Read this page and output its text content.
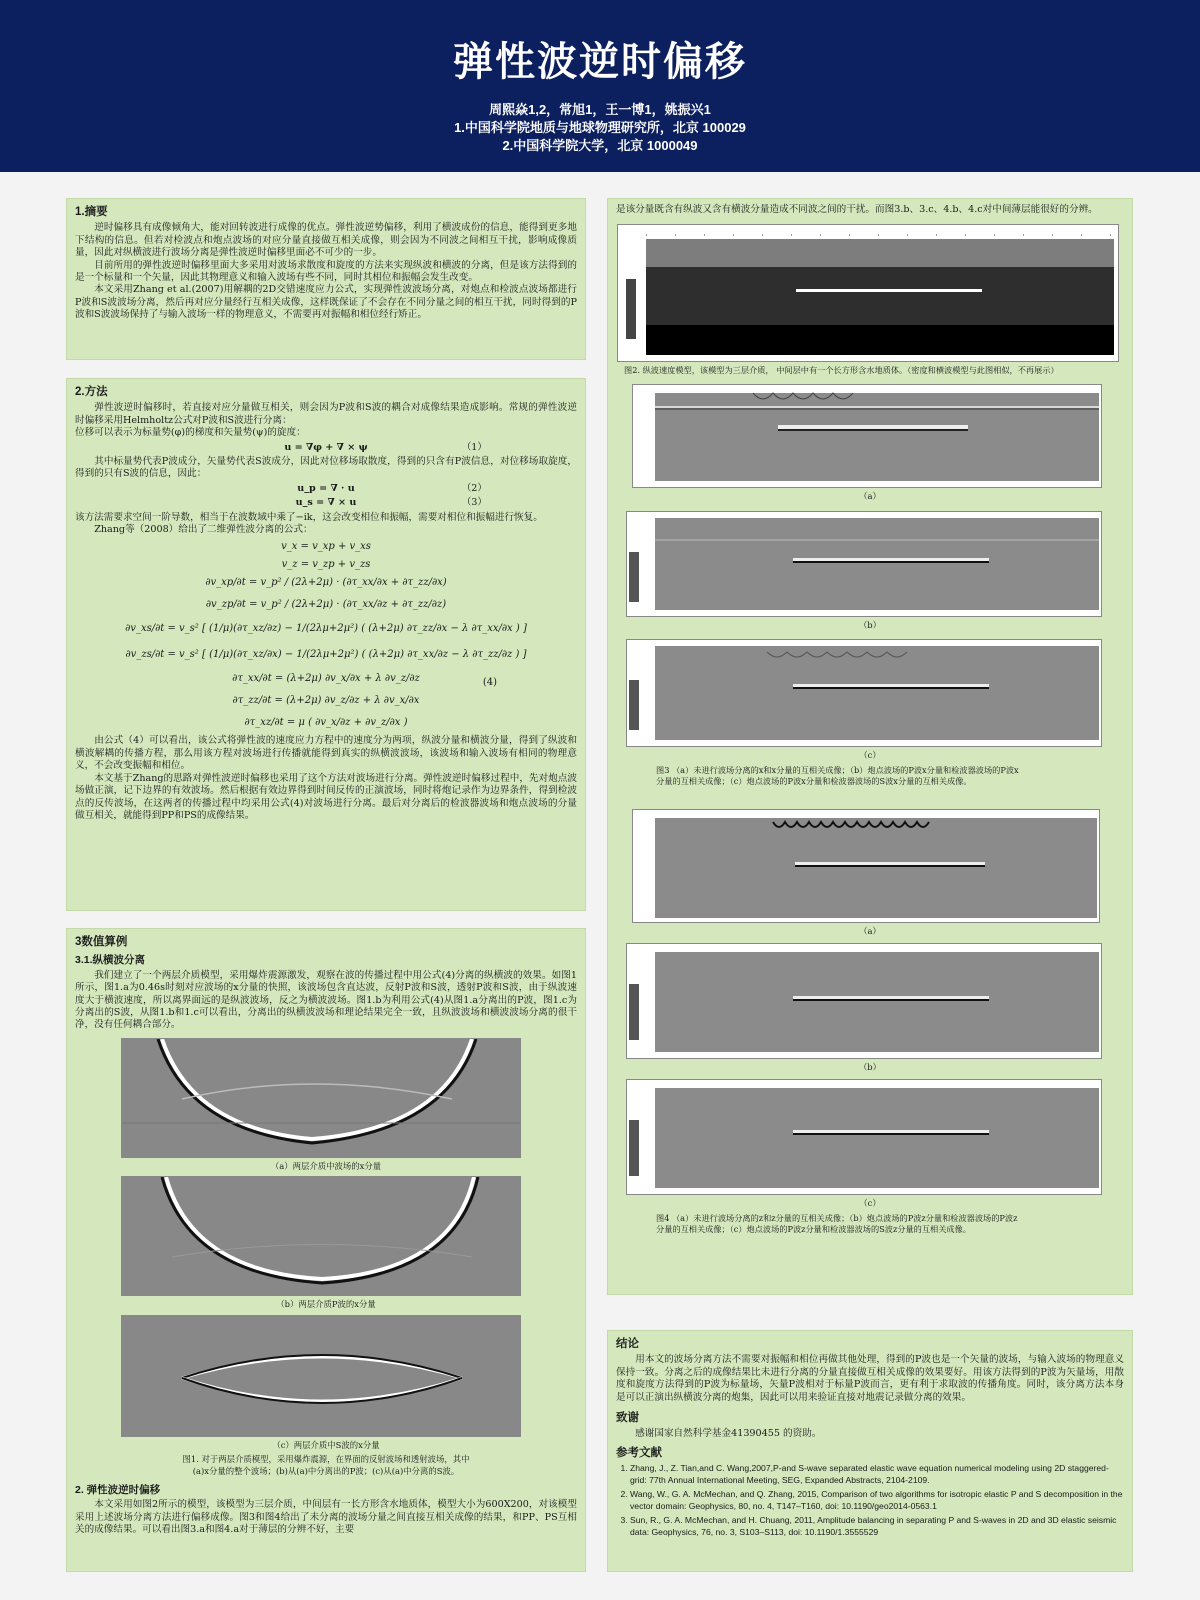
弹性波逆时偏移
周熙焱1,2，常旭1，王一博1，姚振兴1
1.中国科学院地质与地球物理研究所，北京 100029
2.中国科学院大学，北京 1000049
1.摘要

逆时偏移具有成像倾角大，能对回转波进行成像的优点。弹性波逆势偏移，利用了横波成份的信息，能得到更多地下结构的信息。但若对检波点和炮点波场的对应分量直接做互相关成像，则会因为不同波之间相互干扰，影响成像质量，因此对纵横波进行波场分离是弹性波逆时偏移里面必不可少的一步。

目前所用的弹性波逆时偏移里面大多采用对波场求散度和旋度的方法来实现纵波和横波的分离，但是该方法得到的是一个标量和一个矢量，因此其物理意义和输入波场有些不同，同时其相位和振幅会发生改变。

本文采用Zhang et al.(2007)用解耦的2D交错速度应力公式，实现弹性波波场分离，对炮点和检波点波场都进行P波和S波波场分离，然后再对应分量经行互相关成像，这样既保证了不会存在不同分量之间的相互干扰，同时得到的P波和S波波场保持了与输入波场一样的物理意义，不需要再对振幅和相位经行矫正。

2.方法

弹性波逆时偏移时，若直接对应分量做互相关，则会因为P波和S波的耦合对成像结果造成影响。常规的弹性波逆时偏移采用Helmholtz公式对P波和S波进行分离：

位移可以表示为标量势(φ)的梯度和矢量势(ψ)的旋度：

u = ∇φ + ∇ × ψ	（1）

其中标量势代表P波成分，矢量势代表S波成分，因此对位移场取散度，得到的只含有P波信息，对位移场取旋度，得到的只有S波的信息，因此：

u_p = ∇ · u	（2）
u_s = ∇ × u	（3）

该方法需要求空间一阶导数，相当于在波数域中乘了−ik，这会改变相位和振幅，需要对相位和振幅进行恢复。

Zhang等（2008）给出了二维弹性波分离的公式：

v_x = v_xp + v_xs
v_z = v_zp + v_zs
∂v_xp/∂t = v_p² / (2λ+2μ) · (∂τ_xx/∂x + ∂τ_zz/∂x)
∂v_zp/∂t = v_p² / (2λ+2μ) · (∂τ_xx/∂z + ∂τ_zz/∂z)
∂v_xs/∂t = v_s² [ (1/μ)(∂τ_xz/∂z) − 1/(2λμ+2μ²) ( (λ+2μ) ∂τ_zz/∂x − λ ∂τ_xx/∂x ) ]
∂v_zs/∂t = v_s² [ (1/μ)(∂τ_xz/∂x) − 1/(2λμ+2μ²) ( (λ+2μ) ∂τ_xx/∂z − λ ∂τ_zz/∂z ) ]
∂τ_xx/∂t = (λ+2μ) ∂v_x/∂x + λ ∂v_z/∂z
∂τ_zz/∂t = (λ+2μ) ∂v_z/∂z + λ ∂v_x/∂x
∂τ_xz/∂t = μ ( ∂v_x/∂z + ∂v_z/∂x )
(4)

由公式（4）可以看出，该公式将弹性波的速度应力方程中的速度分为两项，纵波分量和横波分量，得到了纵波和横波解耦的传播方程，那么用该方程对波场进行传播就能得到真实的纵横波波场，该波场和输入波场有相同的物理意义，不会改变振幅和相位。

本文基于Zhang的思路对弹性波逆时偏移也采用了这个方法对波场进行分离。弹性波逆时偏移过程中，先对炮点波场做正演，记下边界的有效波场。然后根据有效边界得到时间反传的正演波场，同时将炮记录作为边界条件，得到检波点的反传波场，在这两者的传播过程中均采用公式(4)对波场进行分离。最后对分离后的检波器波场和炮点波场的分量做互相关，就能得到PP和PS的成像结果。

3数值算例
3.1.纵横波分离

我们建立了一个两层介质模型，采用爆炸震源激发，观察在波的传播过程中用公式(4)分离的纵横波的效果。如图1所示，图1.a为0.46s时刻对应波场的x分量的快照，该波场包含直达波，反射P波和S波，透射P波和S波，由于纵波速度大于横波速度，所以离界面远的是纵波波场，反之为横波波场。图1.b为利用公式(4)从图1.a分离出的P波，图1.c为分离出的S波，从图1.b和1.c可以看出，分离出的纵横波波场和理论结果完全一致，且纵波波场和横波波场分离的很干净，没有任何耦合部分。

（a）两层介质中波场的x分量
（b）两层介质P波的x分量
（c）两层介质中S波的x分量
图1. 对于两层介质模型，采用爆炸震源，在界面的反射波场和透射波场，其中
(a)x分量的整个波场；(b)从(a)中分离出的P波；(c)从(a)中分离的S波。
2. 弹性波逆时偏移

本文采用如图2所示的模型，该模型为三层介质，中间层有一长方形含水地质体，模型大小为600X200，对该模型采用上述波场分离方法进行偏移成像。图3和图4给出了未分离的波场分量之间直接互相关成像的结果，和PP、PS互相关的成像结果。可以看出图3.a和图4.a对于薄层的分辨不好，主要

是该分量既含有纵波又含有横波分量造成不同波之间的干扰。而图3.b、3.c、4.b、4.c对中间薄层能很好的分辨。

图2. 纵波速度模型，该模型为三层介质， 中间层中有一个长方形含水地质体。（密度和横波模型与此图相似，不再展示）
（a）
（b）
（c）
图3 （a）未进行波场分离的x和x分量的互相关成像；（b）炮点波场的P波x分量和检波器波场的P波x
分量的互相关成像；（c）炮点波场的P波x分量和检波器波场的S波x分量的互相关成像。
（a）
（b）
（c）
图4 （a）未进行波场分离的z和z分量的互相关成像；（b）炮点波场的P波z分量和检波器波场的P波z
分量的互相关成像；（c）炮点波场的P波z分量和检波器波场的S波z分量的互相关成像。
结论

用本文的波场分离方法不需要对振幅和相位再做其他处理，得到的P波也是一个矢量的波场，与输入波场的物理意义保持一致。分离之后的成像结果比未进行分离的分量直接做互相关成像的效果要好。用该方法得到的P波为矢量场，用散度和旋度方法得到的P波为标量场，矢量P波相对于标量P波而言，更有利于求取波的传播角度。同时，该分离方法本身是可以正演出纵横波分离的炮集，因此可以用来验证直接对地震记录做分离的效果。

致谢

感谢国家自然科学基金41390455 的资助。

参考文献
1. Zhang, J., Z. Tian,and C. Wang,2007,P-and S-wave separated elastic wave equation numerical modeling using 2D staggered-grid: 77th Annual International Meeting, SEG, Expanded Abstracts, 2104-2109.
2. Wang, W., G. A. McMechan, and Q. Zhang, 2015, Comparison of two algorithms for isotropic elastic P and S decomposition in the vector domain: Geophysics, 80, no. 4, T147–T160, doi: 10.1190/geo2014-0563.1
3. Sun, R., G. A. McMechan, and H. Chuang, 2011, Amplitude balancing in separating P and S-waves in 2D and 3D elastic seismic data: Geophysics, 76, no. 3, S103–S113, doi: 10.1190/1.3555529
